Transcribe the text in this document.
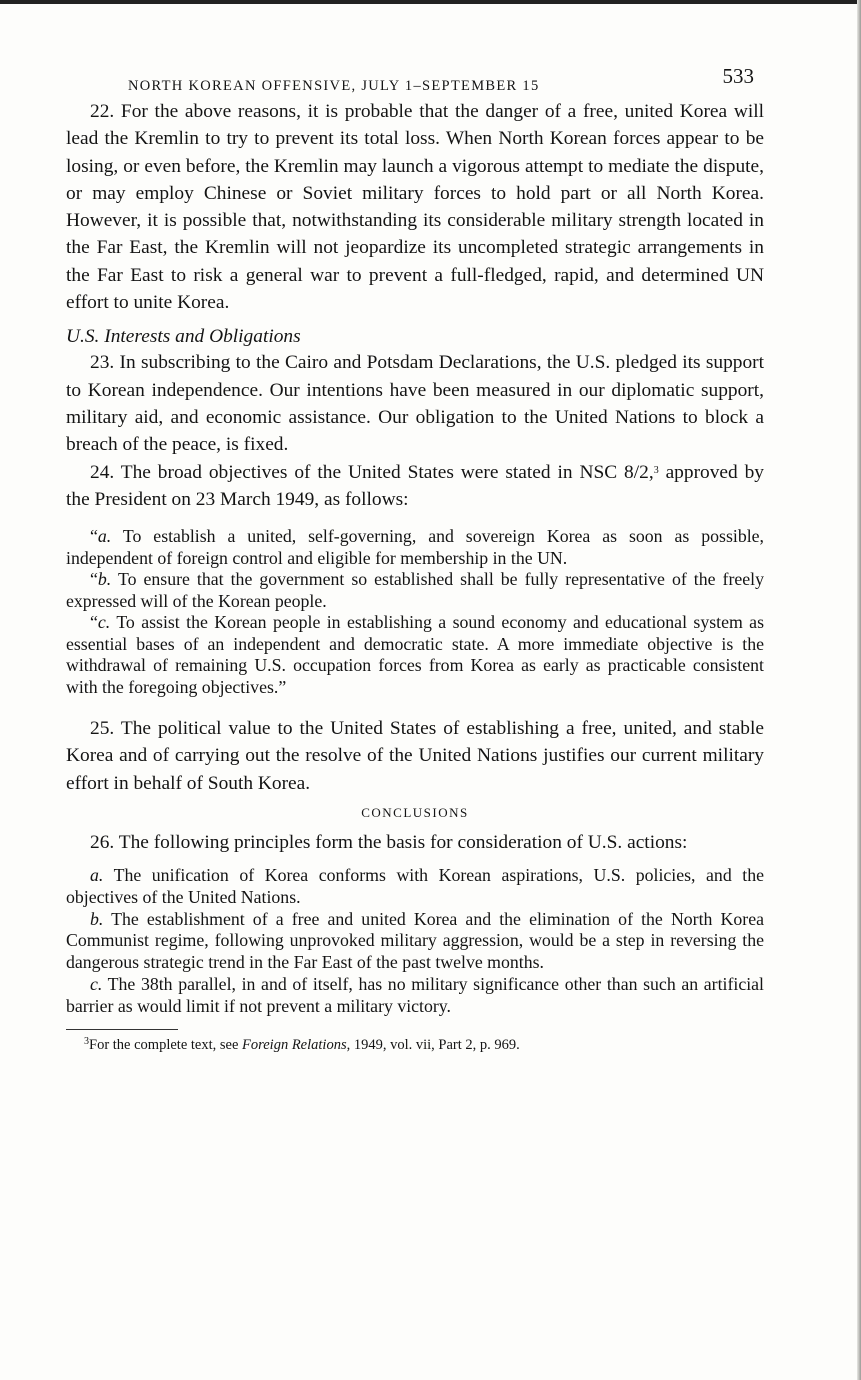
NORTH KOREAN OFFENSIVE, JULY 1–SEPTEMBER 15	533

22. For the above reasons, it is probable that the danger of a free, united Korea will lead the Kremlin to try to prevent its total loss. When North Korean forces appear to be losing, or even before, the Kremlin may launch a vigorous attempt to mediate the dispute, or may employ Chinese or Soviet military forces to hold part or all North Korea. However, it is possible that, notwithstanding its considerable military strength located in the Far East, the Kremlin will not jeopardize its uncompleted strategic arrangements in the Far East to risk a general war to prevent a full-fledged, rapid, and determined UN effort to unite Korea.

U.S. Interests and Obligations

23. In subscribing to the Cairo and Potsdam Declarations, the U.S. pledged its support to Korean independence. Our intentions have been measured in our diplomatic support, military aid, and economic assistance. Our obligation to the United Nations to block a breach of the peace, is fixed.

24. The broad objectives of the United States were stated in NSC 8/2,$^3$ approved by the President on 23 March 1949, as follows:

“a. To establish a united, self-governing, and sovereign Korea as soon as possible, independent of foreign control and eligible for membership in the UN.

“b. To ensure that the government so established shall be fully representative of the freely expressed will of the Korean people.

“c. To assist the Korean people in establishing a sound economy and educational system as essential bases of an independent and democratic state. A more immediate objective is the withdrawal of remaining U.S. occupation forces from Korea as early as practicable consistent with the foregoing objectives.”

25. The political value to the United States of establishing a free, united, and stable Korea and of carrying out the resolve of the United Nations justifies our current military effort in behalf of South Korea.

CONCLUSIONS

26. The following principles form the basis for consideration of U.S. actions:

a. The unification of Korea conforms with Korean aspirations, U.S. policies, and the objectives of the United Nations.

b. The establishment of a free and united Korea and the elimination of the North Korea Communist regime, following unprovoked military aggression, would be a step in reversing the dangerous strategic trend in the Far East of the past twelve months.

c. The 38th parallel, in and of itself, has no military significance other than such an artificial barrier as would limit if not prevent a military victory.

$^3$For the complete text, see Foreign Relations, 1949, vol. vii, Part 2, p. 969.
